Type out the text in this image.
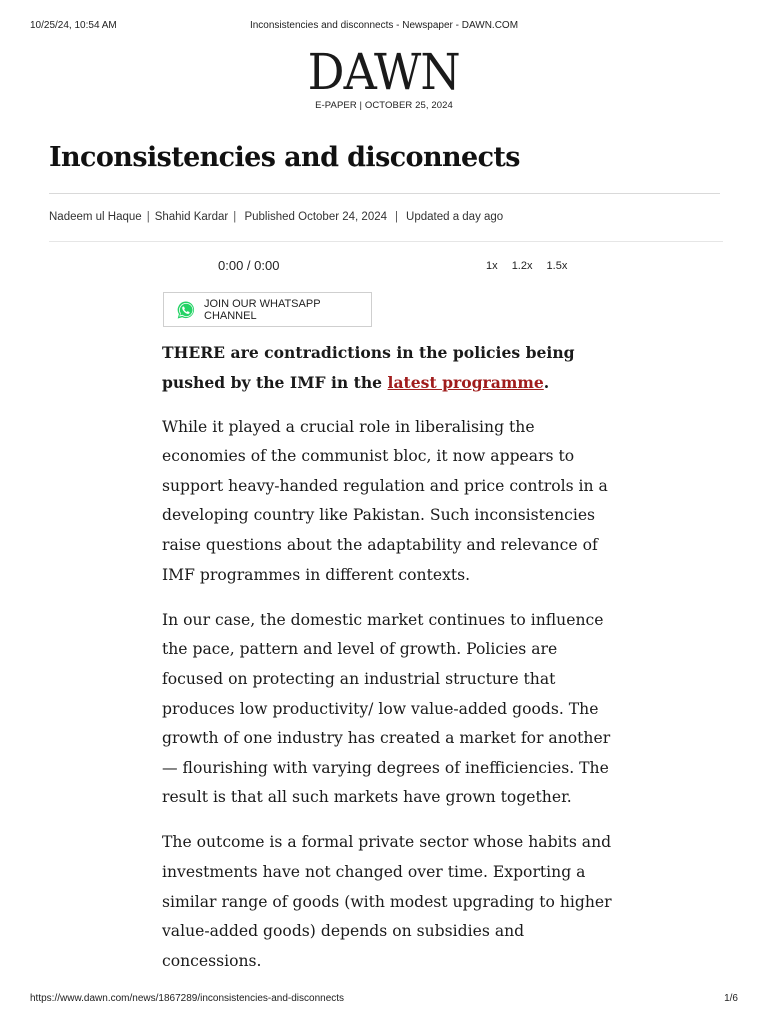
10/25/24, 10:54 AM	Inconsistencies and disconnects - Newspaper - DAWN.COM
DAWN
E-PAPER | OCTOBER 25, 2024
Inconsistencies and disconnects
Nadeem ul Haque | Shahid Kardar | Published October 24, 2024 | Updated a day ago
0:00 / 0:00	1x 1.2x 1.5x
JOIN OUR WHATSAPP CHANNEL

THERE are contradictions in the policies being pushed by the IMF in the latest programme.

While it played a crucial role in liberalising the economies of the communist bloc, it now appears to support heavy-handed regulation and price controls in a developing country like Pakistan. Such inconsistencies raise questions about the adaptability and relevance of IMF programmes in different contexts.

In our case, the domestic market continues to influence the pace, pattern and level of growth. Policies are focused on protecting an industrial structure that produces low productivity/ low value-added goods. The growth of one industry has created a market for another — flourishing with varying degrees of inefficiencies. The result is that all such markets have grown together.

The outcome is a formal private sector whose habits and investments have not changed over time. Exporting a similar range of goods (with modest upgrading to higher value-added goods) depends on subsidies and concessions.

https://www.dawn.com/news/1867289/inconsistencies-and-disconnects	1/6
